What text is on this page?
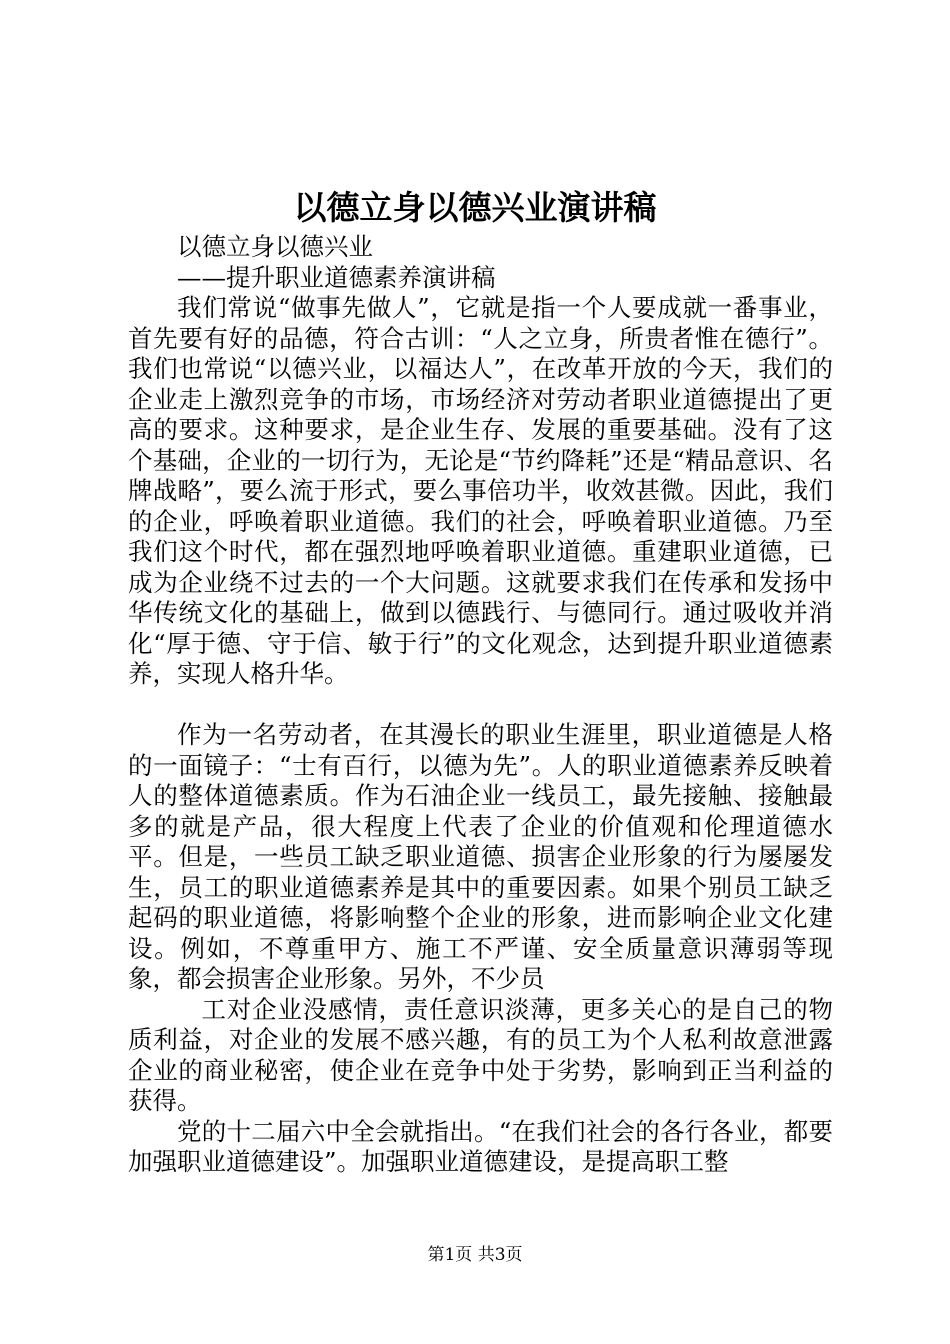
以德立身以德兴业演讲稿

以德立身以德兴业

——提升职业道德素养演讲稿

我们常说“做事先做人”，它就是指一个人要成就一番事业，首先要有好的品德，符合古训：“人之立身，所贵者惟在德行”。我们也常说“以德兴业，以福达人”，在改革开放的今天，我们的企业走上激烈竞争的市场，市场经济对劳动者职业道德提出了更高的要求。这种要求，是企业生存、发展的重要基础。没有了这个基础，企业的一切行为，无论是“节约降耗”还是“精品意识、名牌战略”，要么流于形式，要么事倍功半，收效甚微。因此，我们的企业，呼唤着职业道德。我们的社会，呼唤着职业道德。乃至我们这个时代，都在强烈地呼唤着职业道德。重建职业道德，已成为企业绕不过去的一个大问题。这就要求我们在传承和发扬中华传统文化的基础上，做到以德践行、与德同行。通过吸收并消化“厚于德、守于信、敏于行”的文化观念，达到提升职业道德素养，实现人格升华。

作为一名劳动者，在其漫长的职业生涯里，职业道德是人格的一面镜子：“士有百行，以德为先”。人的职业道德素养反映着人的整体道德素质。作为石油企业一线员工，最先接触、接触最多的就是产品，很大程度上代表了企业的价值观和伦理道德水平。但是，一些员工缺乏职业道德、损害企业形象的行为屡屡发生，员工的职业道德素养是其中的重要因素。如果个别员工缺乏起码的职业道德，将影响整个企业的形象，进而影响企业文化建设。例如，不尊重甲方、施工不严谨、安全质量意识薄弱等现象，都会损害企业形象。另外，不少员

工对企业没感情，责任意识淡薄，更多关心的是自己的物质利益，对企业的发展不感兴趣，有的员工为个人私利故意泄露企业的商业秘密，使企业在竞争中处于劣势，影响到正当利益的获得。

党的十二届六中全会就指出。“在我们社会的各行各业，都要加强职业道德建设”。加强职业道德建设，是提高职工整

第1页 共3页
